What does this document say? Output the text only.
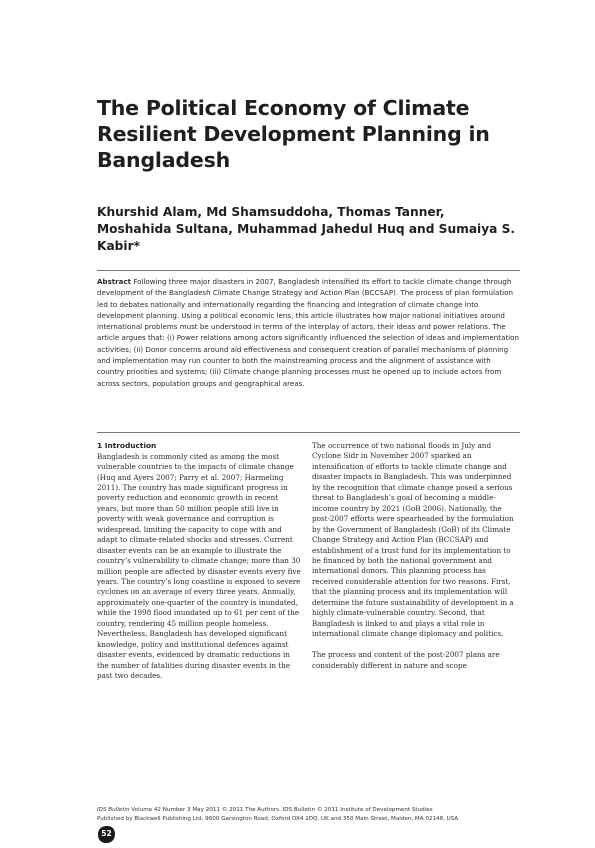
The Political Economy of Climate Resilient Development Planning in Bangladesh

Khurshid Alam, Md Shamsuddoha, Thomas Tanner, Moshahida Sultana, Muhammad Jahedul Huq and Sumaiya S. Kabir*

Abstract Following three major disasters in 2007, Bangladesh intensified its effort to tackle climate change through development of the Bangladesh Climate Change Strategy and Action Plan (BCCSAP). The process of plan formulation led to debates nationally and internationally regarding the financing and integration of climate change into development planning. Using a political economic lens, this article illustrates how major national initiatives around international problems must be understood in terms of the interplay of actors, their ideas and power relations. The article argues that: (i) Power relations among actors significantly influenced the selection of ideas and implementation activities; (ii) Donor concerns around aid effectiveness and consequent creation of parallel mechanisms of planning and implementation may run counter to both the mainstreaming process and the alignment of assistance with country priorities and systems; (iii) Climate change planning processes must be opened up to include actors from across sectors, population groups and geographical areas.

1 Introduction

Bangladesh is commonly cited as among the most vulnerable countries to the impacts of climate change (Huq and Ayers 2007; Parry et al. 2007; Harmeling 2011). The country has made significant progress in poverty reduction and economic growth in recent years, but more than 50 million people still live in poverty with weak governance and corruption is widespread, limiting the capacity to cope with and adapt to climate-related shocks and stresses. Current disaster events can be an example to illustrate the country’s vulnerability to climate change; more than 30 million people are affected by disaster events every five years. The country’s long coastline is exposed to severe cyclones on an average of every three years. Annually, approximately one-quarter of the country is inundated, while the 1998 flood inundated up to 61 per cent of the country, rendering 45 million people homeless.

Nevertheless, Bangladesh has developed significant knowledge, policy and institutional defences against disaster events, evidenced by dramatic reductions in the number of fatalities during disaster events in the past two decades.

The occurrence of two national floods in July and Cyclone Sidr in November 2007 sparked an intensification of efforts to tackle climate change and disaster impacts in Bangladesh. This was underpinned by the recognition that climate change posed a serious threat to Bangladesh’s goal of becoming a middle-income country by 2021 (GoB 2006). Nationally, the post-2007 efforts were spearheaded by the formulation by the Government of Bangladesh (GoB) of its Climate Change Strategy and Action Plan (BCCSAP) and establishment of a trust fund for its implementation to be financed by both the national government and international donors. This planning process has received considerable attention for two reasons. First, that the planning process and its implementation will determine the future sustainability of development in a highly climate-vulnerable country. Second, that Bangladesh is linked to and plays a vital role in international climate change diplomacy and politics.

The process and content of the post-2007 plans are considerably different in nature and scope

IDS Bulletin Volume 42 Number 3 May 2011 © 2011 The Authors. IDS Bulletin © 2011 Institute of Development Studies
Published by Blackwell Publishing Ltd, 9600 Garsington Road, Oxford OX4 2DQ, UK and 350 Main Street, Malden, MA 02148, USA
52
